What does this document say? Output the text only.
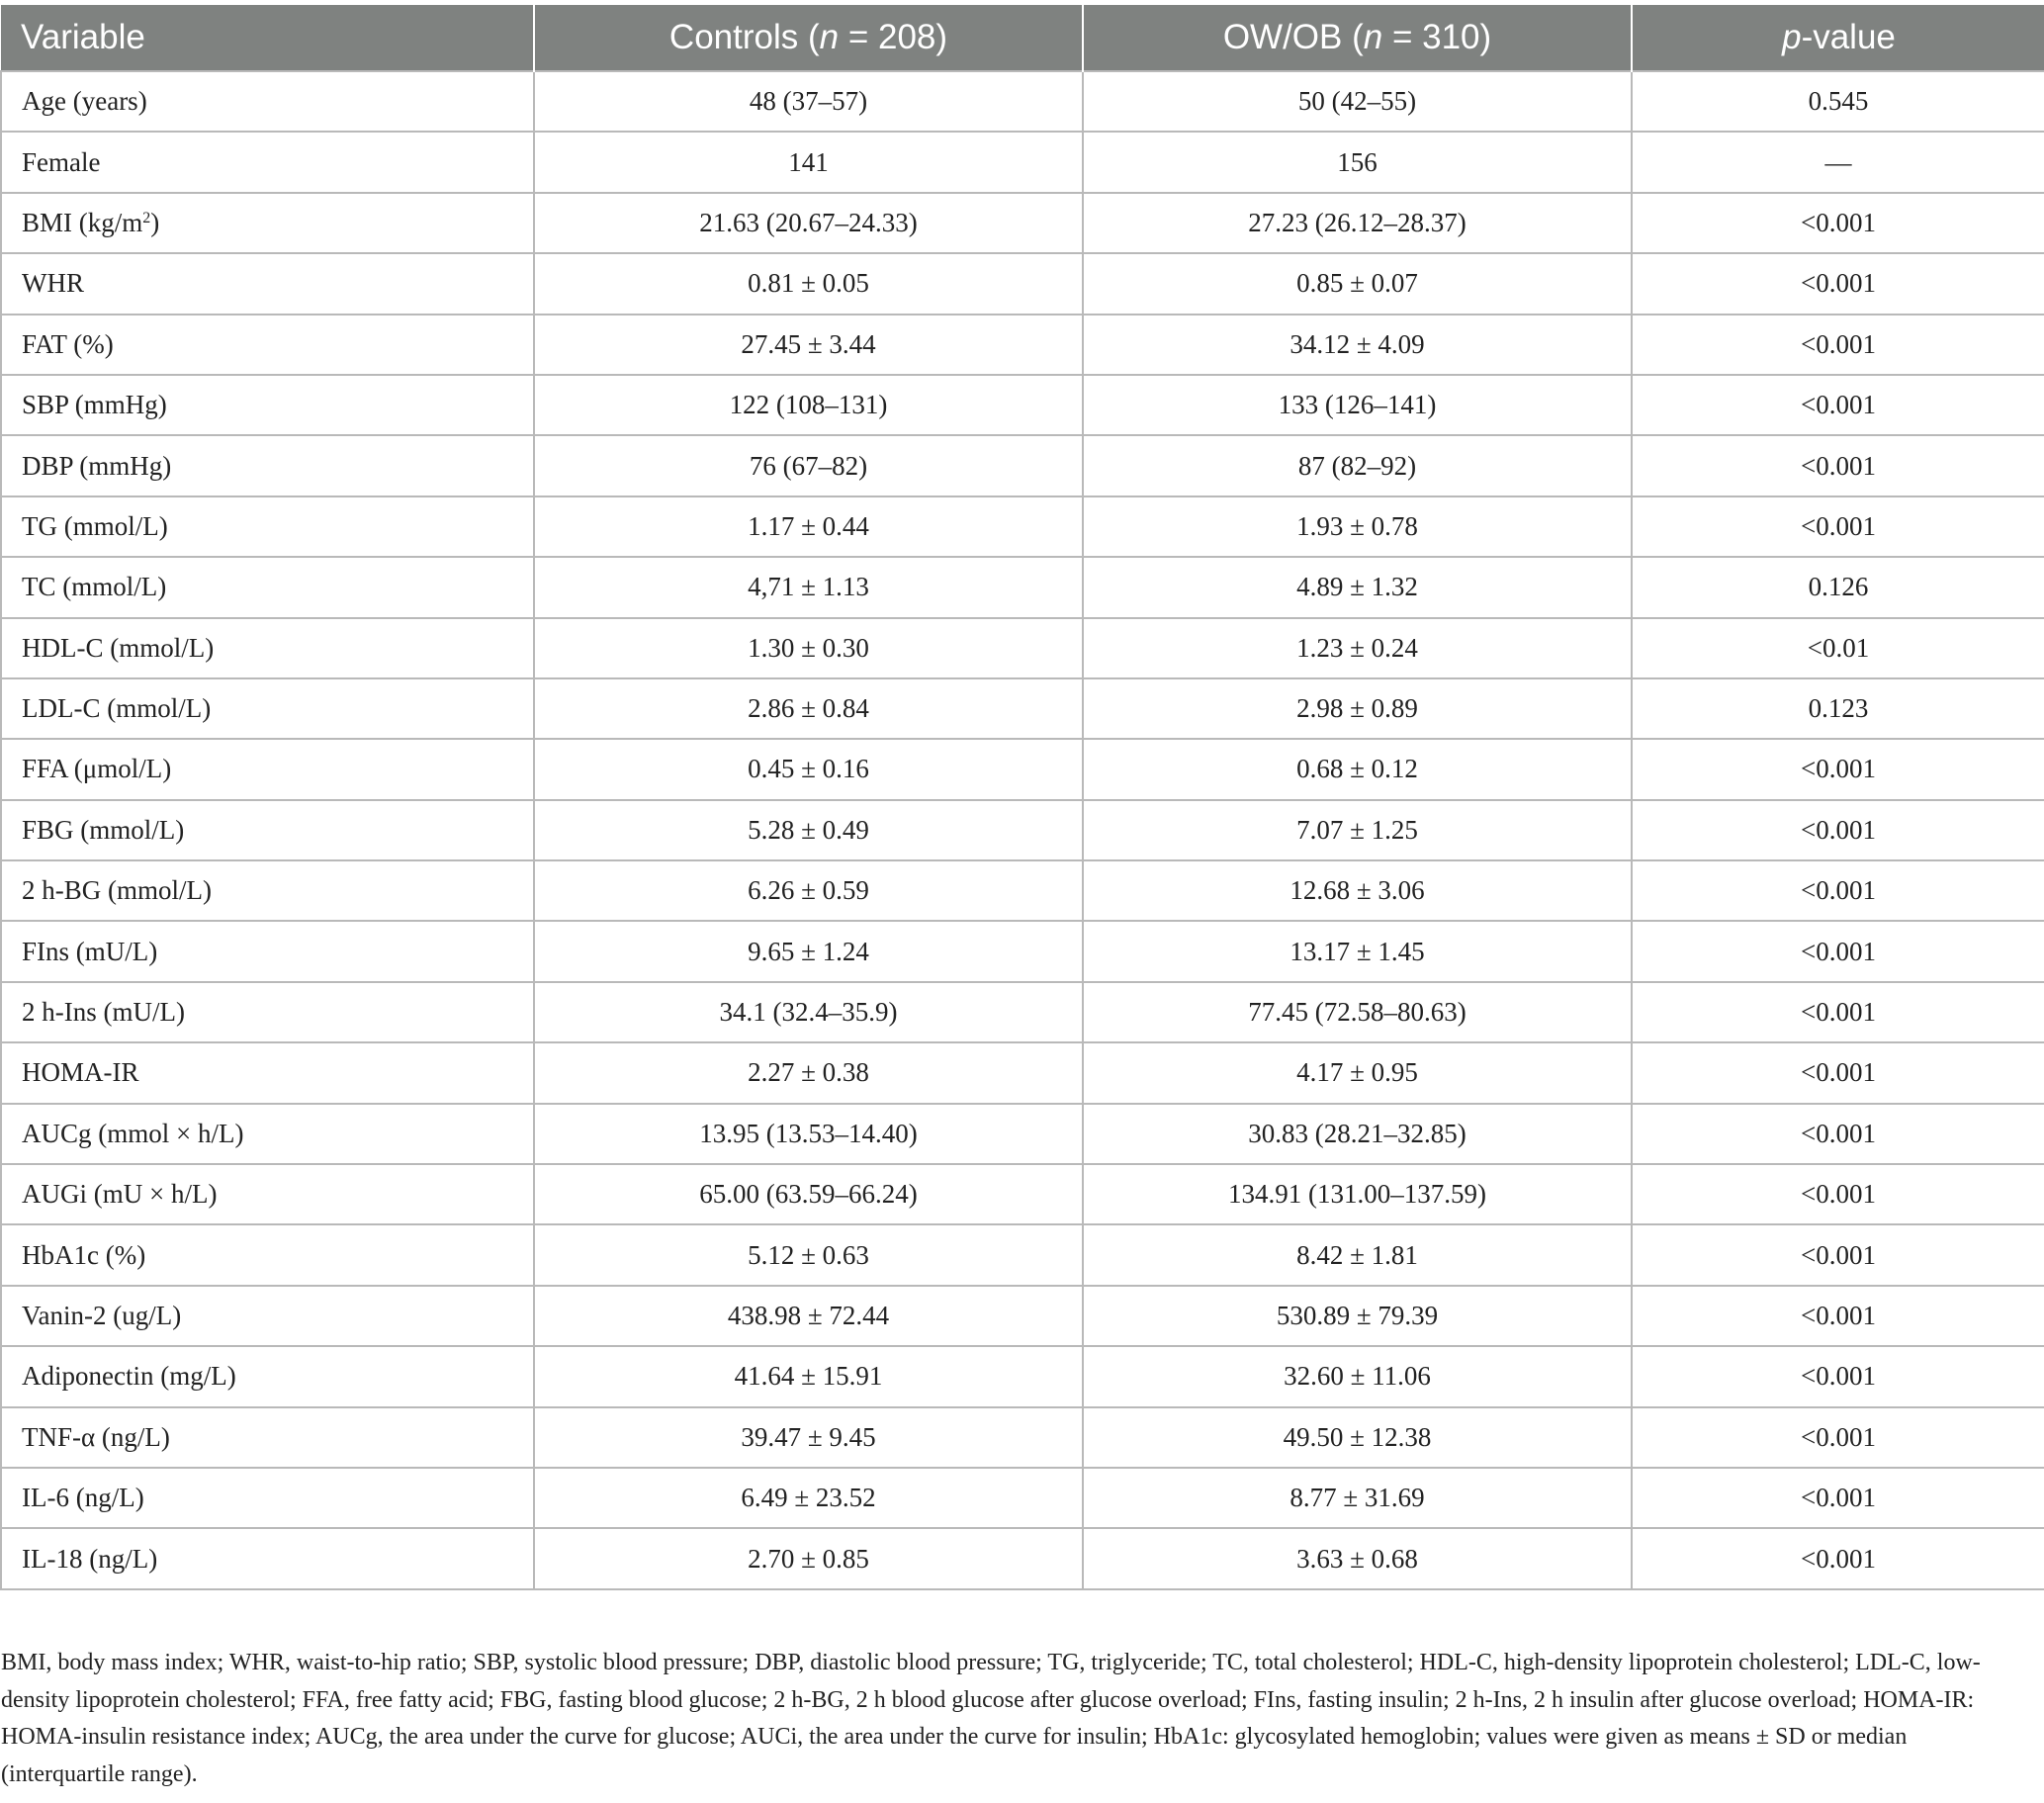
Variable	Controls (n = 208)	OW/OB (n = 310)	p-value
Age (years)	48 (37–57)	50 (42–55)	0.545
Female	141	156	—
BMI $(kg/m^2)$	21.63 (20.67–24.33)	27.23 (26.12–28.37)	<0.001
WHR	0.81 ± 0.05	0.85 ± 0.07	<0.001
FAT (%)	27.45 ± 3.44	34.12 ± 4.09	<0.001
SBP (mmHg)	122 (108–131)	133 (126–141)	<0.001
DBP (mmHg)	76 (67–82)	87 (82–92)	<0.001
TG (mmol/L)	1.17 ± 0.44	1.93 ± 0.78	<0.001
TC (mmol/L)	4,71 ± 1.13	4.89 ± 1.32	0.126
HDL-C (mmol/L)	1.30 ± 0.30	1.23 ± 0.24	<0.01
LDL-C (mmol/L)	2.86 ± 0.84	2.98 ± 0.89	0.123
FFA (μmol/L)	0.45 ± 0.16	0.68 ± 0.12	<0.001
FBG (mmol/L)	5.28 ± 0.49	7.07 ± 1.25	<0.001
2 h-BG (mmol/L)	6.26 ± 0.59	12.68 ± 3.06	<0.001
FIns (mU/L)	9.65 ± 1.24	13.17 ± 1.45	<0.001
2 h-Ins (mU/L)	34.1 (32.4–35.9)	77.45 (72.58–80.63)	<0.001
HOMA-IR	2.27 ± 0.38	4.17 ± 0.95	<0.001
AUCg (mmol × h/L)	13.95 (13.53–14.40)	30.83 (28.21–32.85)	<0.001
AUGi (mU × h/L)	65.00 (63.59–66.24)	134.91 (131.00–137.59)	<0.001
HbA1c (%)	5.12 ± 0.63	8.42 ± 1.81	<0.001
Vanin-2 (ug/L)	438.98 ± 72.44	530.89 ± 79.39	<0.001
Adiponectin (mg/L)	41.64 ± 15.91	32.60 ± 11.06	<0.001
TNF-α (ng/L)	39.47 ± 9.45	49.50 ± 12.38	<0.001
IL-6 (ng/L)	6.49 ± 23.52	8.77 ± 31.69	<0.001
IL-18 (ng/L)	2.70 ± 0.85	3.63 ± 0.68	<0.001
BMI, body mass index; WHR, waist-to-hip ratio; SBP, systolic blood pressure; DBP, diastolic blood pressure; TG, triglyceride; TC, total cholesterol; HDL-C, high-density lipoprotein cholesterol; LDL-C, low-density lipoprotein cholesterol; FFA, free fatty acid; FBG, fasting blood glucose; 2 h-BG, 2 h blood glucose after glucose overload; FIns, fasting insulin; 2 h-Ins, 2 h insulin after glucose overload; HOMA-IR: HOMA-insulin resistance index; AUCg, the area under the curve for glucose; AUCi, the area under the curve for insulin; HbA1c: glycosylated hemoglobin; values were given as means ± SD or median (interquartile range).
